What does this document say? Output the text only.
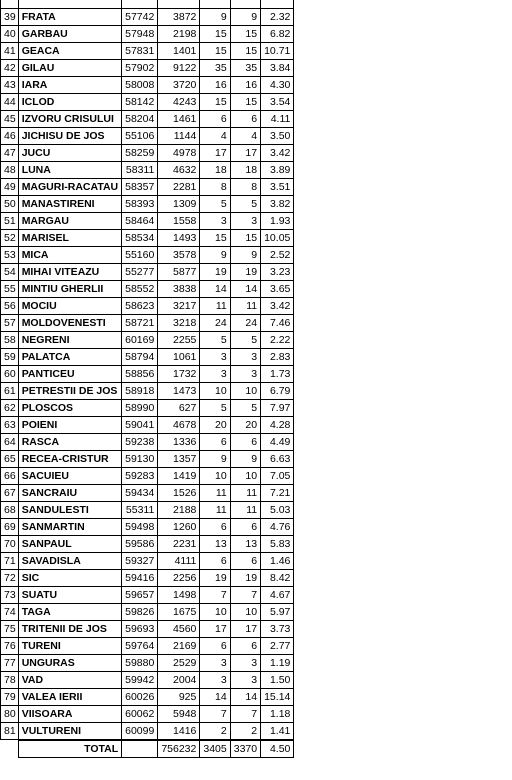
39	FRATA	57742	3872	9	9	2.32
40	GARBAU	57948	2198	15	15	6.82
41	GEACA	57831	1401	15	15	10.71
42	GILAU	57902	9122	35	35	3.84
43	IARA	58008	3720	16	16	4.30
44	ICLOD	58142	4243	15	15	3.54
45	IZVORU CRISULUI	58204	1461	6	6	4.11
46	JICHISU DE JOS	55106	1144	4	4	3.50
47	JUCU	58259	4978	17	17	3.42
48	LUNA	58311	4632	18	18	3.89
49	MAGURI-RACATAU	58357	2281	8	8	3.51
50	MANASTIRENI	58393	1309	5	5	3.82
51	MARGAU	58464	1558	3	3	1.93
52	MARISEL	58534	1493	15	15	10.05
53	MICA	55160	3578	9	9	2.52
54	MIHAI VITEAZU	55277	5877	19	19	3.23
55	MINTIU GHERLII	58552	3838	14	14	3.65
56	MOCIU	58623	3217	11	11	3.42
57	MOLDOVENESTI	58721	3218	24	24	7.46
58	NEGRENI	60169	2255	5	5	2.22
59	PALATCA	58794	1061	3	3	2.83
60	PANTICEU	58856	1732	3	3	1.73
61	PETRESTII DE JOS	58918	1473	10	10	6.79
62	PLOSCOS	58990	627	5	5	7.97
63	POIENI	59041	4678	20	20	4.28
64	RASCA	59238	1336	6	6	4.49
65	RECEA-CRISTUR	59130	1357	9	9	6.63
66	SACUIEU	59283	1419	10	10	7.05
67	SANCRAIU	59434	1526	11	11	7.21
68	SANDULESTI	55311	2188	11	11	5.03
69	SANMARTIN	59498	1260	6	6	4.76
70	SANPAUL	59586	2231	13	13	5.83
71	SAVADISLA	59327	4111	6	6	1.46
72	SIC	59416	2256	19	19	8.42
73	SUATU	59657	1498	7	7	4.67
74	TAGA	59826	1675	10	10	5.97
75	TRITENII DE JOS	59693	4560	17	17	3.73
76	TURENI	59764	2169	6	6	2.77
77	UNGURAS	59880	2529	3	3	1.19
78	VAD	59942	2004	3	3	1.50
79	VALEA IERII	60026	925	14	14	15.14
80	VIISOARA	60062	5948	7	7	1.18
81	VULTURENI	60099	1416	2	2	1.41
	TOTAL		756232	3405	3370	4.50
